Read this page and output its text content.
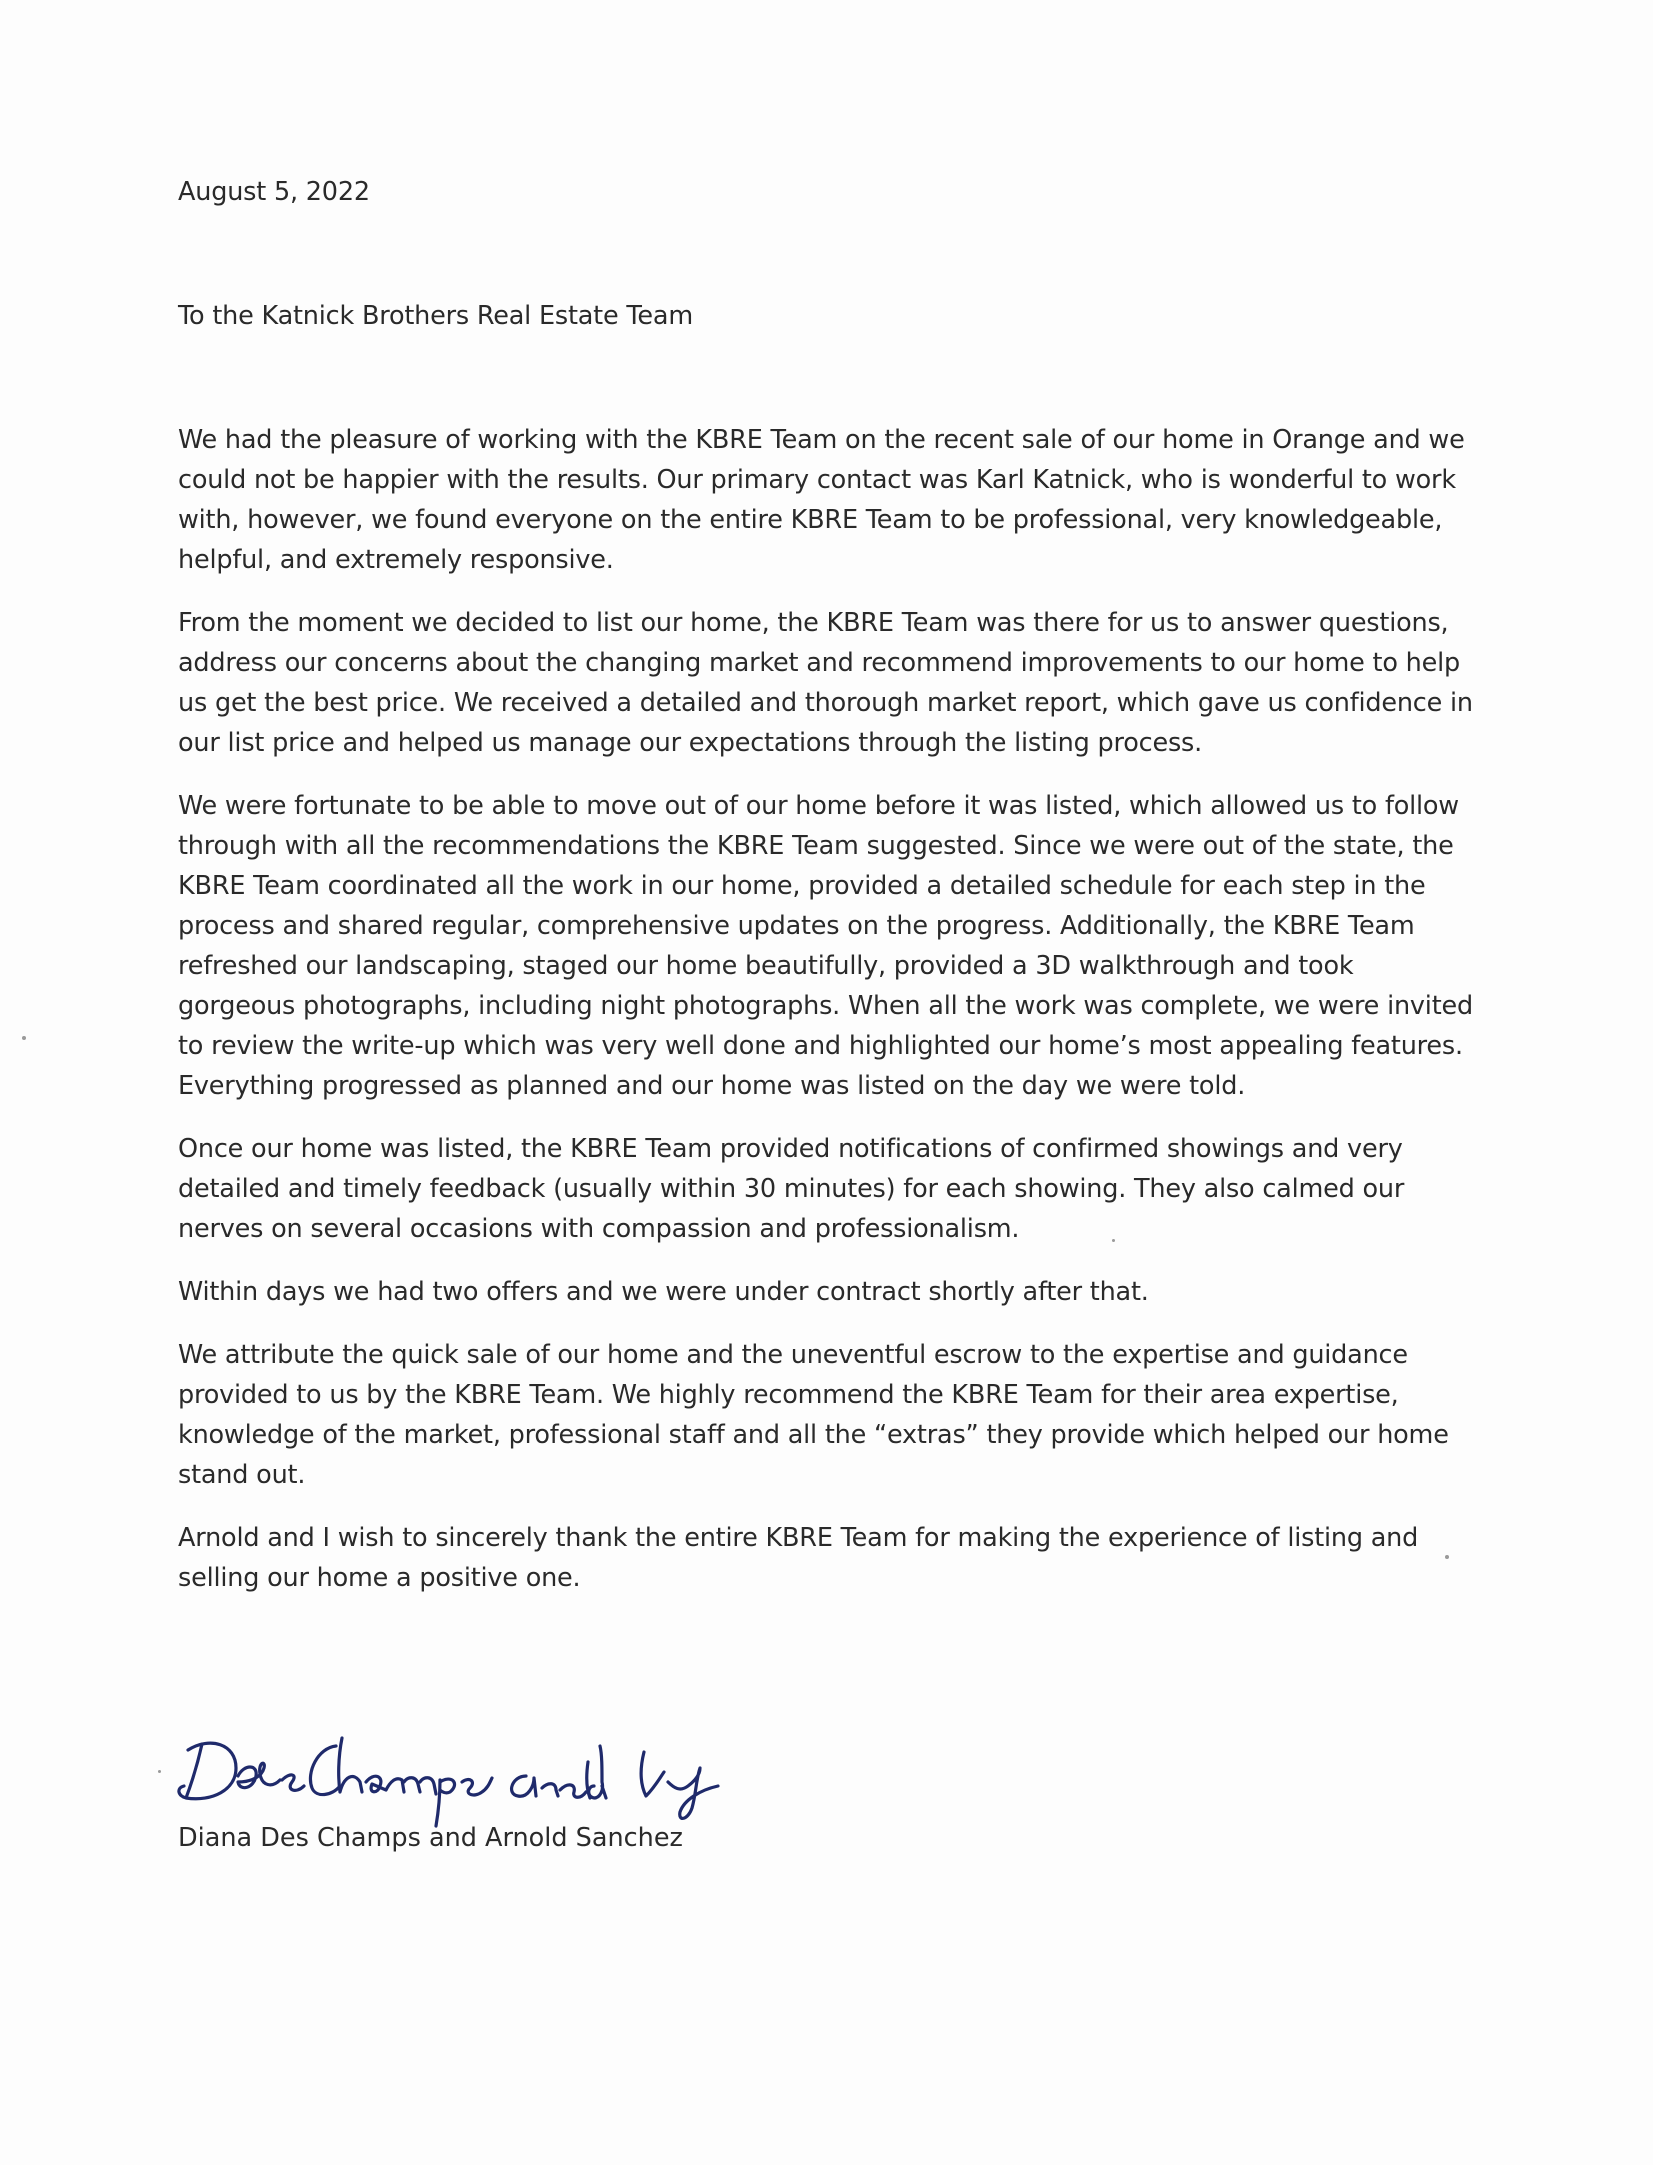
August 5, 2022

To the Katnick Brothers Real Estate Team

We had the pleasure of working with the KBRE Team on the recent sale of our home in Orange and we could not be happier with the results. Our primary contact was Karl Katnick, who is wonderful to work with, however, we found everyone on the entire KBRE Team to be professional, very knowledgeable, helpful, and extremely responsive.

From the moment we decided to list our home, the KBRE Team was there for us to answer questions, address our concerns about the changing market and recommend improvements to our home to help us get the best price. We received a detailed and thorough market report, which gave us confidence in our list price and helped us manage our expectations through the listing process.

We were fortunate to be able to move out of our home before it was listed, which allowed us to follow through with all the recommendations the KBRE Team suggested. Since we were out of the state, the KBRE Team coordinated all the work in our home, provided a detailed schedule for each step in the process and shared regular, comprehensive updates on the progress. Additionally, the KBRE Team refreshed our landscaping, staged our home beautifully, provided a 3D walkthrough and took gorgeous photographs, including night photographs. When all the work was complete, we were invited to review the write-up which was very well done and highlighted our home’s most appealing features. Everything progressed as planned and our home was listed on the day we were told.

Once our home was listed, the KBRE Team provided notifications of confirmed showings and very detailed and timely feedback (usually within 30 minutes) for each showing. They also calmed our nerves on several occasions with compassion and professionalism.

Within days we had two offers and we were under contract shortly after that.

We attribute the quick sale of our home and the uneventful escrow to the expertise and guidance provided to us by the KBRE Team. We highly recommend the KBRE Team for their area expertise, knowledge of the market, professional staff and all the “extras” they provide which helped our home stand out.

Arnold and I wish to sincerely thank the entire KBRE Team for making the experience of listing and selling our home a positive one.

Diana Des Champs and Arnold Sanchez
